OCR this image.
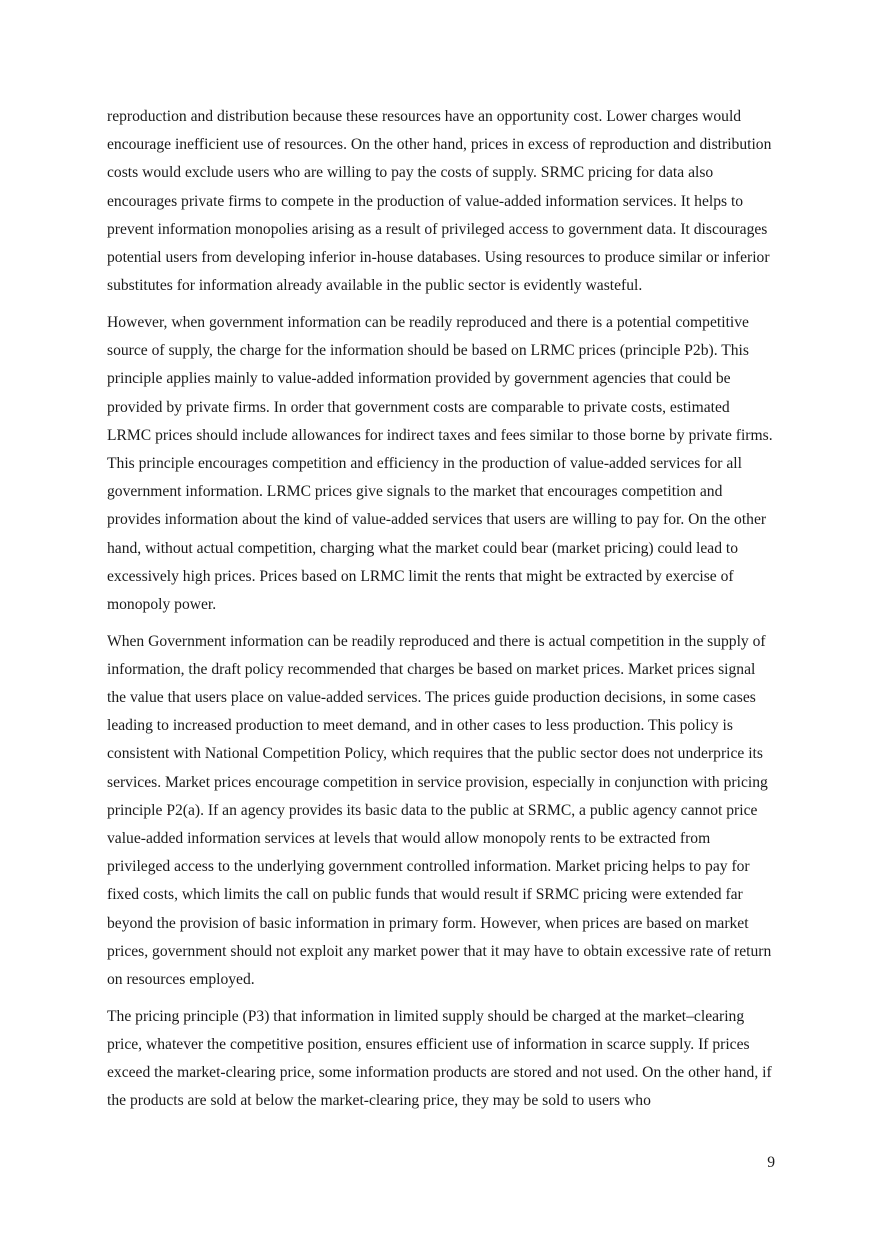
reproduction and distribution because these resources have an opportunity cost. Lower charges would encourage inefficient use of resources. On the other hand, prices in excess of reproduction and distribution costs would exclude users who are willing to pay the costs of supply. SRMC pricing for data also encourages private firms to compete in the production of value-added information services. It helps to prevent information monopolies arising as a result of privileged access to government data. It discourages potential users from developing inferior in-house databases. Using resources to produce similar or inferior substitutes for information already available in the public sector is evidently wasteful.

However, when government information can be readily reproduced and there is a potential competitive source of supply, the charge for the information should be based on LRMC prices (principle P2b). This principle applies mainly to value-added information provided by government agencies that could be provided by private firms. In order that government costs are comparable to private costs, estimated LRMC prices should include allowances for indirect taxes and fees similar to those borne by private firms. This principle encourages competition and efficiency in the production of value-added services for all government information. LRMC prices give signals to the market that encourages competition and provides information about the kind of value-added services that users are willing to pay for. On the other hand, without actual competition, charging what the market could bear (market pricing) could lead to excessively high prices. Prices based on LRMC limit the rents that might be extracted by exercise of monopoly power.

When Government information can be readily reproduced and there is actual competition in the supply of information, the draft policy recommended that charges be based on market prices. Market prices signal the value that users place on value-added services. The prices guide production decisions, in some cases leading to increased production to meet demand, and in other cases to less production. This policy is consistent with National Competition Policy, which requires that the public sector does not underprice its services. Market prices encourage competition in service provision, especially in conjunction with pricing principle P2(a). If an agency provides its basic data to the public at SRMC, a public agency cannot price value-added information services at levels that would allow monopoly rents to be extracted from privileged access to the underlying government controlled information. Market pricing helps to pay for fixed costs, which limits the call on public funds that would result if SRMC pricing were extended far beyond the provision of basic information in primary form. However, when prices are based on market prices, government should not exploit any market power that it may have to obtain excessive rate of return on resources employed.

The pricing principle (P3) that information in limited supply should be charged at the market–clearing price, whatever the competitive position, ensures efficient use of information in scarce supply. If prices exceed the market-clearing price, some information products are stored and not used. On the other hand, if the products are sold at below the market-clearing price, they may be sold to users who

9
